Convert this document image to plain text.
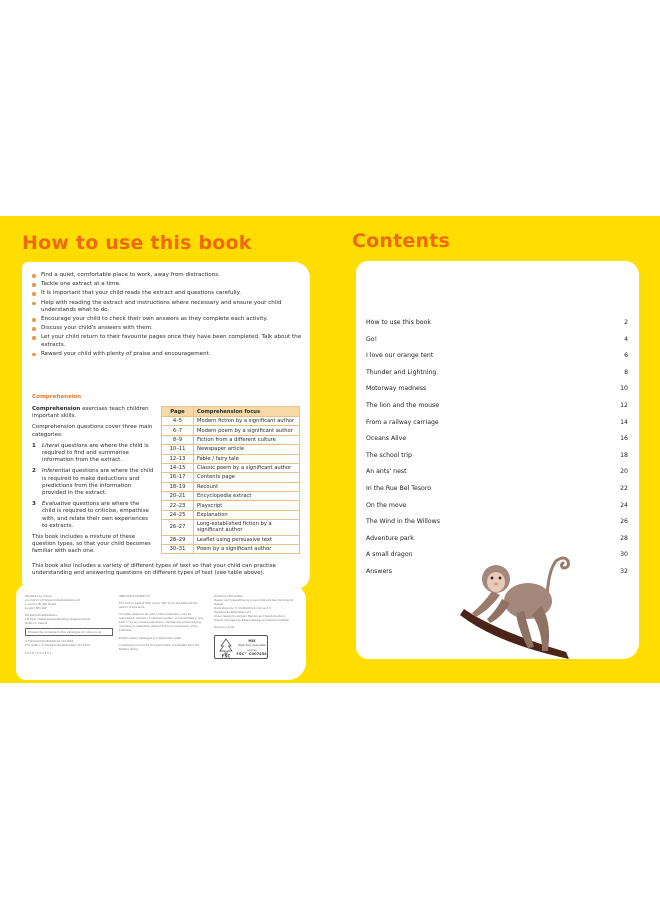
How to use this book
Find a quiet, comfortable place to work, away from distractions.
Tackle one extract at a time.
It is important that your child reads the extract and questions carefully.
Help with reading the extract and instructions where necessary and ensure your child understands what to do.
Encourage your child to check their own answers as they complete each activity.
Discuss your child's answers with them.
Let your child return to their favourite pages once they have been completed. Talk about the extracts.
Reward your child with plenty of praise and encouragement.
Comprehension

Comprehension exercises teach children important skills.

Comprehension questions cover three main categories:

1 Literal questions are where the child is required to find and summarise information from the extract.
2 Inferential questions are where the child is required to make deductions and predictions from the information provided in the extract.
3 Evaluative questions are where the child is required to criticise, empathise with, and relate their own experiences to extracts.

This book includes a mixture of these question types, so that your child becomes familiar with each one.

Page	Comprehension focus
4–5	Modern fiction by a significant author
6–7	Modern poem by a significant author
8–9	Fiction from a different culture
10–11	Newspaper article
12–13	Fable / fairy tale
14–15	Classic poem by a significant author
16–17	Contents page
18–19	Recount
20–21	Encyclopedia extract
22–23	Playscript
24–25	Explanation
26–27	Long-established fiction by a significant author
28–29	Leaflet using persuasive text
30–31	Poem by a significant author

This book also includes a variety of different types of text so that your child can practise understanding and answering questions on different types of text (see table above).

Published by Collins
An imprint of HarperCollinsPublishers Ltd
1 London Bridge Street
London SE1 9GF

HarperCollinsPublishers
1st Floor, Watermarque Building, Ringsend Road
Dublin 4, Ireland

Browse the complete Collins catalogue at collins.co.uk

© HarperCollinsPublishers Ltd 2016
This edition © HarperCollinsPublishers Ltd 2023

10 9 8 7 6 5 4 3 2 1

ISBN 978-0-00-862773

The author asserts their moral right to be identified as the author of this work.

All rights reserved. No part of this publication may be reproduced, stored in a retrieval system, or transmitted in any form or by any means, electronic, mechanical, photocopying, recording or otherwise, without the prior permission of the publisher.

British Library Cataloguing in Publication Data

A Catalogue record for this publication is available from the British Library.

Printed by Bell & Bain
Design and typesetting by Jouve India and Ken Vail Graphic Design
Illustrations by © Shutterstock.com and © HarperCollinsPublishers Ltd
Cover design by Amparo Barrera and Sarah Duxbury
Project managed by Katie Galloway and Sarah Crowther

Printed in India

FSC
MIX
Paper from responsible sources
FSC™ C007454
Contents
How to use this book	2
Go!	4
I love our orange tent	6
Thunder and Lightning	8
Motorway madness	10
The lion and the mouse	12
From a railway carriage	14
Oceans Alive	16
The school trip	18
An ants' nest	20
In the Rue Bel Tesoro	22
On the move	24
The Wind in the Willows	26
Adventure park	28
A small dragon	30
Answers	32
